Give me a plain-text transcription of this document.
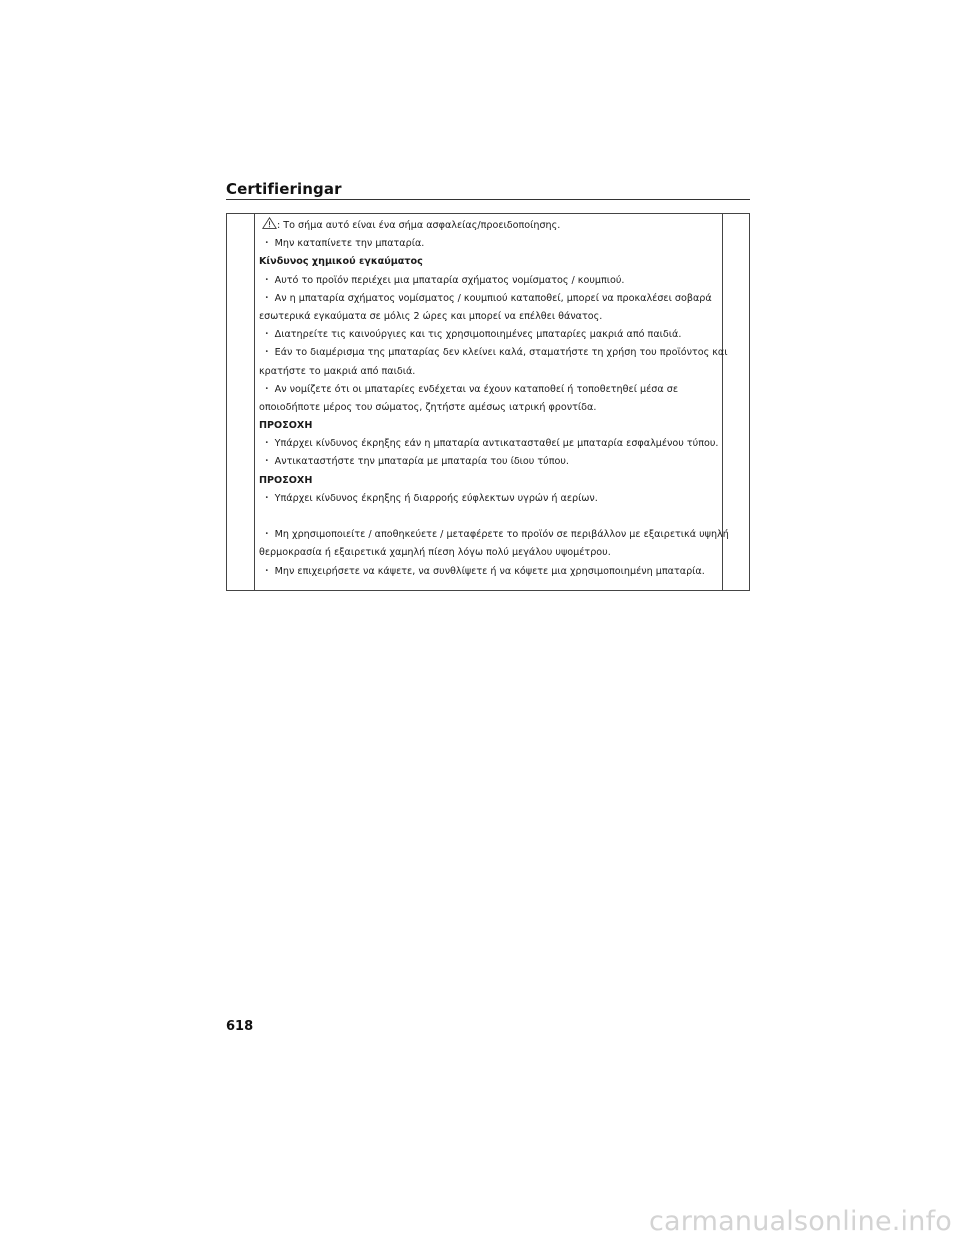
Certifieringar
: Το σήμα αυτό είναι ένα σήμα ασφαλείας/προειδοποίησης.
・ Μην καταπίνετε την μπαταρία.
Κίνδυνος χημικού εγκαύματος
・ Αυτό το προϊόν περιέχει μια μπαταρία σχήματος νομίσματος / κουμπιού.
・ Αν η μπαταρία σχήματος νομίσματος / κουμπιού καταποθεί, μπορεί να προκαλέσει σοβαρά
εσωτερικά εγκαύματα σε μόλις 2 ώρες και μπορεί να επέλθει θάνατος.
・ Διατηρείτε τις καινούργιες και τις χρησιμοποιημένες μπαταρίες μακριά από παιδιά.
・ Εάν το διαμέρισμα της μπαταρίας δεν κλείνει καλά, σταματήστε τη χρήση του προϊόντος και
κρατήστε το μακριά από παιδιά.
・ Αν νομίζετε ότι οι μπαταρίες ενδέχεται να έχουν καταποθεί ή τοποθετηθεί μέσα σε
οποιοδήποτε μέρος του σώματος, ζητήστε αμέσως ιατρική φροντίδα.
ΠΡΟΣΟΧΗ
・ Υπάρχει κίνδυνος έκρηξης εάν η μπαταρία αντικατασταθεί με μπαταρία εσφαλμένου τύπου.
・ Αντικαταστήστε την μπαταρία με μπαταρία του ίδιου τύπου.
ΠΡΟΣΟΧΗ
・ Υπάρχει κίνδυνος έκρηξης ή διαρροής εύφλεκτων υγρών ή αερίων.
・ Μη χρησιμοποιείτε / αποθηκεύετε / μεταφέρετε το προϊόν σε περιβάλλον με εξαιρετικά υψηλή
θερμοκρασία ή εξαιρετικά χαμηλή πίεση λόγω πολύ μεγάλου υψομέτρου.
・ Μην επιχειρήσετε να κάψετε, να συνθλίψετε ή να κόψετε μια χρησιμοποιημένη μπαταρία.
618
carmanualsonline.info
